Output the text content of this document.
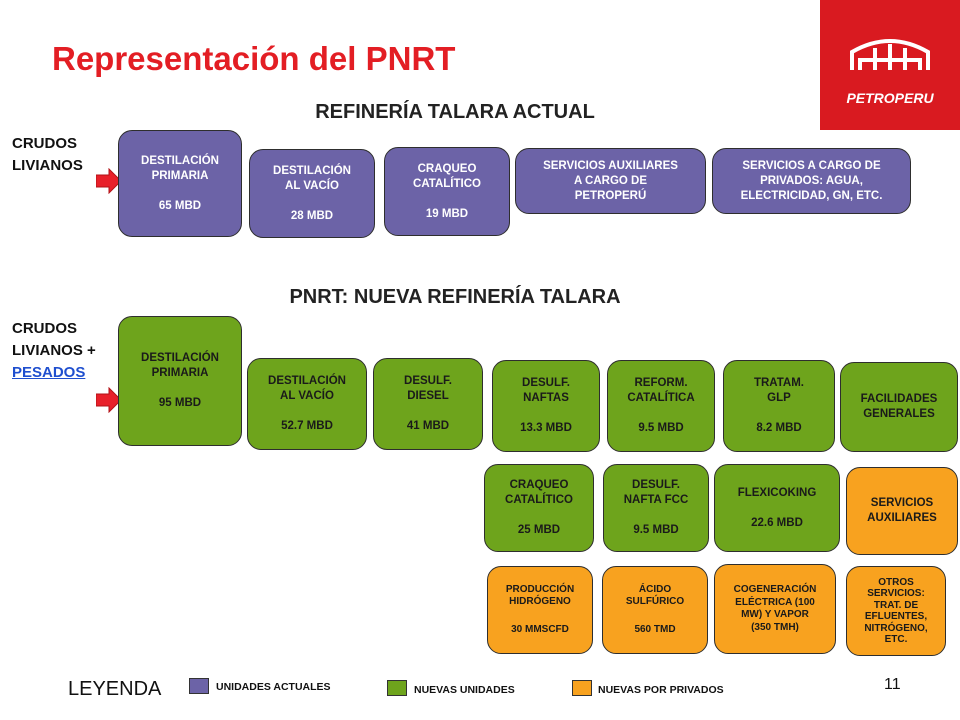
Representación del PNRT
PETROPERU
REFINERÍA TALARA ACTUAL
CRUDOS
LIVIANOS	DESTILACIÓN
PRIMARIA
65 MBD
DESTILACIÓN
AL VACÍO
28 MBD
CRAQUEO
CATALÍTICO
19 MBD
SERVICIOS AUXILIARES
A CARGO DE
PETROPERÚ
SERVICIOS A CARGO DE
PRIVADOS: AGUA,
ELECTRICIDAD, GN, ETC.
PNRT: NUEVA REFINERÍA TALARA
CRUDOS
LIVIANOS +
PESADOS
DESTILACIÓN
PRIMARIA
95 MBD
DESTILACIÓN
AL VACÍO
52.7 MBD
DESULF.
DIESEL
41 MBD
DESULF.
NAFTAS
13.3 MBD
REFORM.
CATALÍTICA
9.5 MBD
TRATAM.
GLP
8.2 MBD
FACILIDADES
GENERALES
CRAQUEO
CATALÍTICO
25 MBD
DESULF.
NAFTA FCC
9.5 MBD
FLEXICOKING
22.6 MBD
SERVICIOS
AUXILIARES
PRODUCCIÓN
HIDRÓGENO
30 MMSCFD
ÁCIDO
SULFÚRICO
560 TMD
COGENERACIÓN
ELÉCTRICA (100
MW) Y VAPOR
(350 TMH)
OTROS
SERVICIOS:
TRAT. DE
EFLUENTES,
NITRÓGENO,
ETC.
LEYENDA	UNIDADES ACTUALES	NUEVAS UNIDADES	NUEVAS POR PRIVADOS	11
